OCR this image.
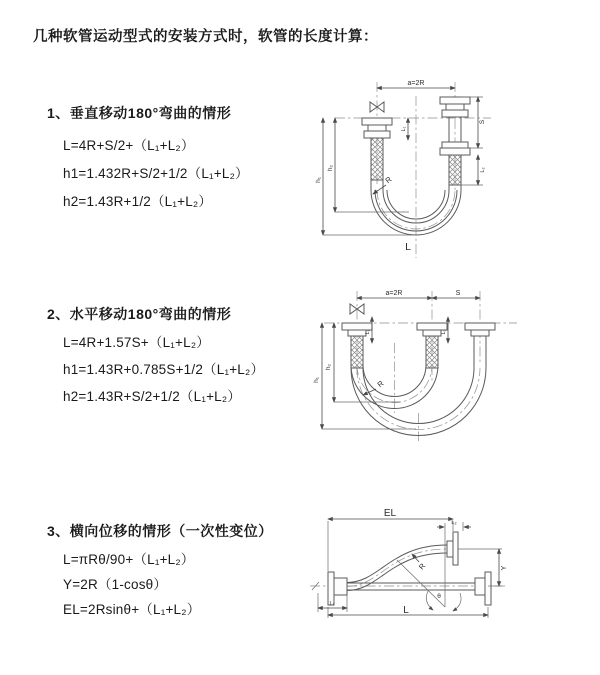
几种软管运动型式的安装方式时，软管的长度计算：
1、垂直移动180°弯曲的情形
L=4R+S/2+（L₁+L₂）
h1=1.432R+S/2+1/2（L₁+L₂）
h2=1.43R+1/2（L₁+L₂）
a=2R
h₁
h₂
L₁
S
L₂
R
L
2、水平移动180°弯曲的情形
L=4R+1.57S+（L₁+L₂）
h1=1.43R+0.785S+1/2（L₁+L₂）
h2=1.43R+S/2+1/2（L₁+L₂）
a=2R	S
h₁
h₂
L₁	L₂
R
3、横向位移的情形（一次性变位）
L=πRθ/90+（L₁+L₂）
Y=2R（1-cosθ）
EL=2Rsinθ+（L₁+L₂）
EL
L₂
Y
L
L₁
R
θ
